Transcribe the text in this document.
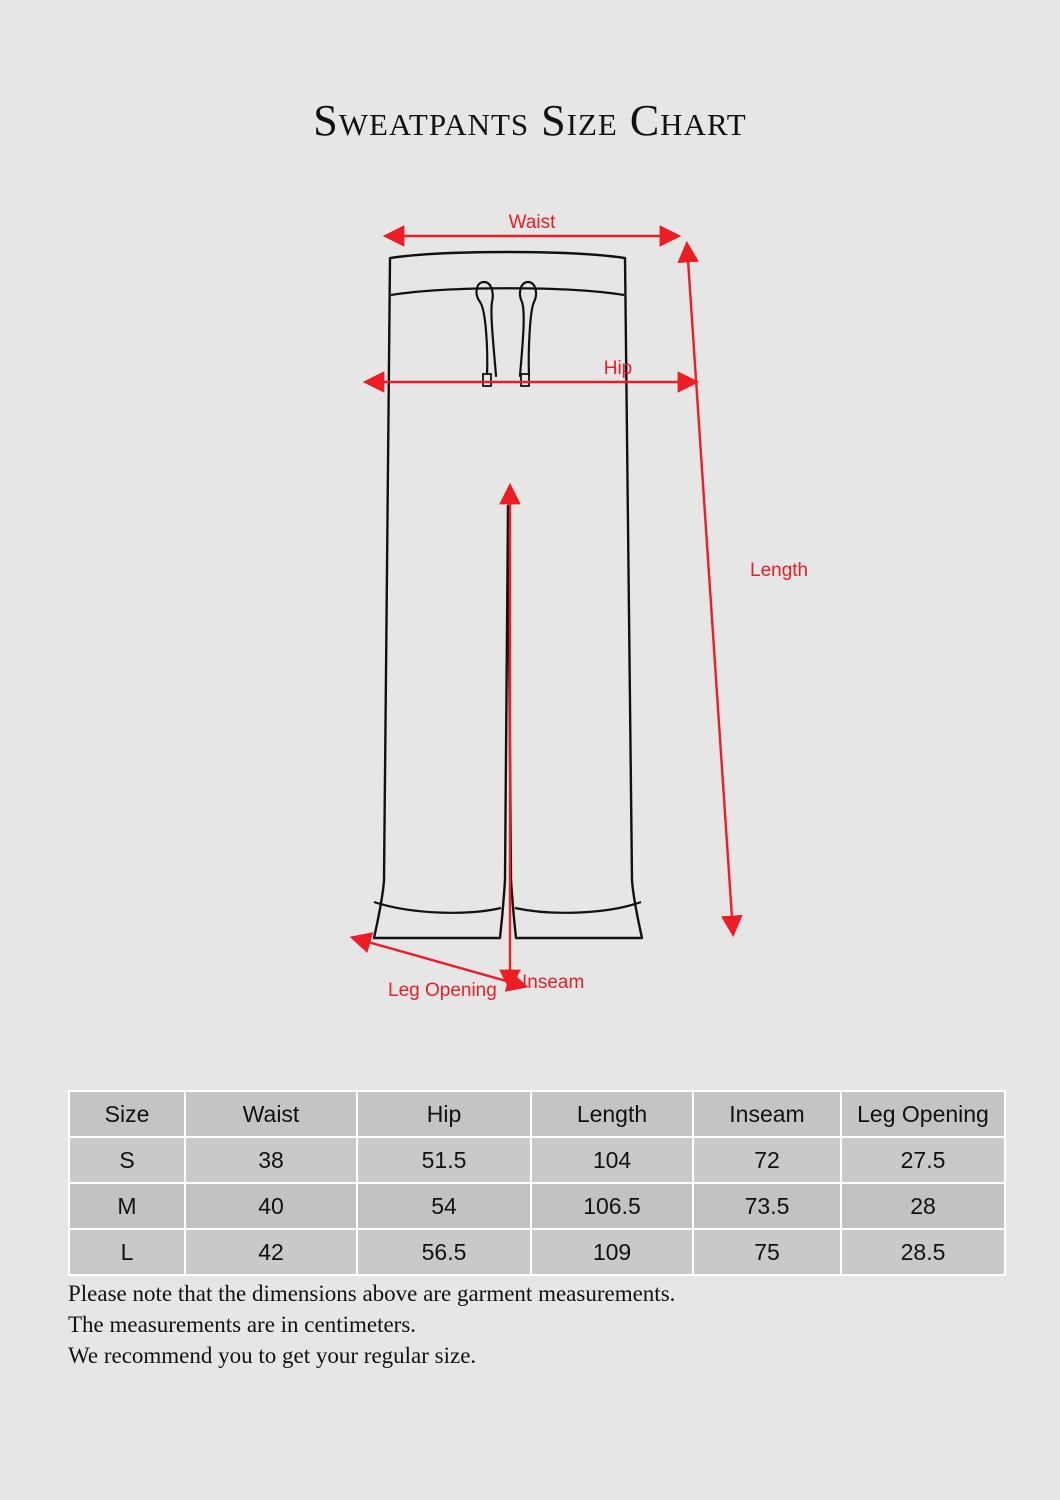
Sweatpants Size Chart
Waist
Hip
Length
Inseam
Leg Opening
Size	Waist	Hip	Length	Inseam	Leg Opening
S	38	51.5	104	72	27.5
M	40	54	106.5	73.5	28
L	42	56.5	109	75	28.5
Please note that the dimensions above are garment measurements.
The measurements are in centimeters.
We recommend you to get your regular size.
